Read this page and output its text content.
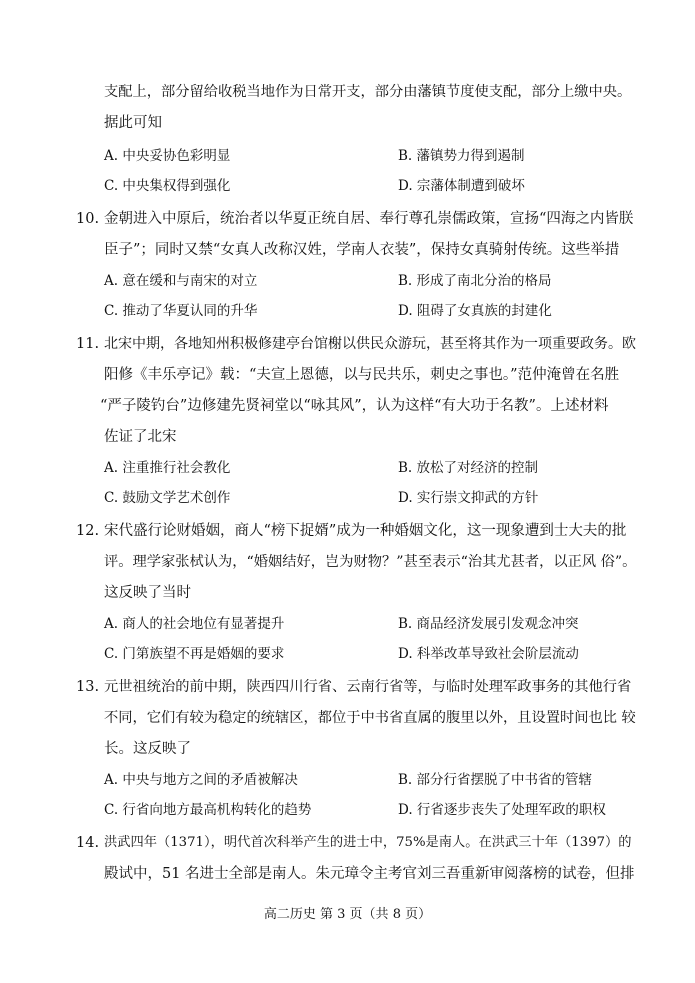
支配上，部分留给收税当地作为日常开支，部分由藩镇节度使支配，部分上缴中央。
据此可知
A. 中央妥协色彩明显	B. 藩镇势力得到遏制
C. 中央集权得到强化	D. 宗藩体制遭到破坏
10. 金朝进入中原后，统治者以华夏正统自居、奉行尊孔崇儒政策，宣扬“四海之内皆朕
臣子”；同时又禁“女真人改称汉姓，学南人衣装”，保持女真骑射传统。这些举措
A. 意在缓和与南宋的对立	B. 形成了南北分治的格局
C. 推动了华夏认同的升华	D. 阻碍了女真族的封建化
11. 北宋中期，各地知州积极修建亭台馆榭以供民众游玩，甚至将其作为一项重要政务。欧
阳修《丰乐亭记》载：“夫宣上恩德，以与民共乐，刺史之事也。”范仲淹曾在名胜
“严子陵钓台”边修建先贤祠堂以“咏其风”，认为这样“有大功于名教”。上述材料
佐证了北宋
A. 注重推行社会教化	B. 放松了对经济的控制
C. 鼓励文学艺术创作	D. 实行崇文抑武的方针
12. 宋代盛行论财婚姻，商人“榜下捉婿”成为一种婚姻文化，这一现象遭到士大夫的批
评。理学家张栻认为，“婚姻结好，岂为财物？”甚至表示“治其尤甚者，以正风 俗”。
这反映了当时
A. 商人的社会地位有显著提升	B. 商品经济发展引发观念冲突
C. 门第族望不再是婚姻的要求	D. 科举改革导致社会阶层流动
13. 元世祖统治的前中期，陕西四川行省、云南行省等，与临时处理军政事务的其他行省
不同，它们有较为稳定的统辖区，都位于中书省直属的腹里以外，且设置时间也比 较
长。这反映了
A. 中央与地方之间的矛盾被解决	B. 部分行省摆脱了中书省的管辖
C. 行省向地方最高机构转化的趋势	D. 行省逐步丧失了处理军政的职权
14. 洪武四年（1371），明代首次科举产生的进士中，75%是南人。在洪武三十年（1397）的
殿试中，51 名进士全部是南人。朱元璋令主考官刘三吾重新审阅落榜的试卷，但排
高二历史 第 3 页（共 8 页）
